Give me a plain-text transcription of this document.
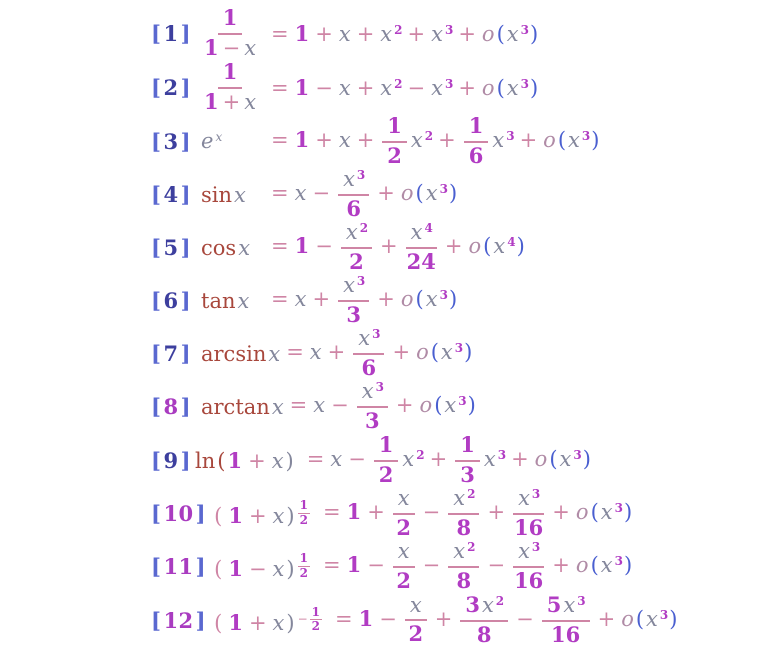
$[1] \frac{1}{1 - x} = 1 + x + x$ 2 + x 3 + o(x 3)
$[2] \frac{1}{1 + x} = 1 - x + x$ 2 − x 3 + o(x 3)
[3] e x	= $1 + x + \frac{1}{2}$ x $2 + \frac{1}{6}$ x 3 + o(x 3)
[4] sinx	= $x - \frac{x 3}{6} + o(x$ 3)
[5] $\cos x = 1 - \frac{x 2}{2} + \frac{x 4}{24} + o(x$ 4)
[6] tanx	= $x + \frac{x 3}{3} + o(x$ 3)
[7] $\arcsin x = x + \frac{x 3}{6} + o(x$ 3)
[8] $\arctan x = x - \frac{x 3}{3} + o(x$ 3)
[9] $\ln(1 + x) = x - \frac{1}{2}$ x $2 + \frac{1}{3}$ x 3 + o(x 3)
[10] ( $1 + x) \frac{1}{2} = 1 + \frac{x}{2} - \frac{x 2}{8} + \frac{x 3}{16} + o(x$ 3)
[11] ( $1 - x) \frac{1}{2} = 1 - \frac{x}{2} - \frac{x 2}{8} - \frac{x 3}{16} + o(x$ 3)
[12] ( $1 + x) - \frac{1}{2} = 1 - \frac{x}{2} + \frac{3x 2}{8} - \frac{5x 3}{16} + o(x$ 3)
